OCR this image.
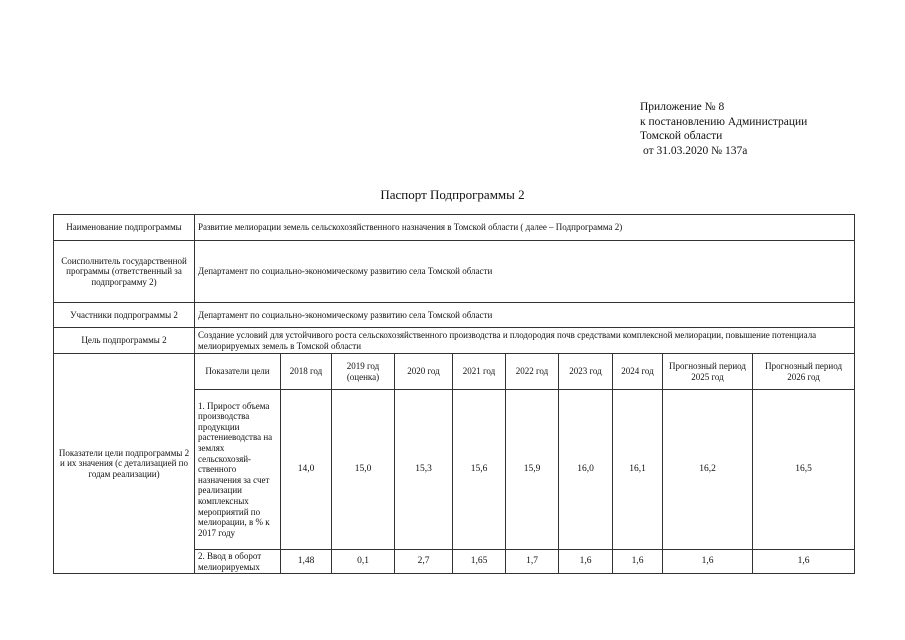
Приложение № 8
к постановлению Администрации
Томской области
от 31.03.2020 № 137а
Паспорт Подпрограммы 2
Наименование подпрограммы	Развитие мелиорации земель сельскохозяйственного назначения в Томской области ( далее – Подпрограмма 2)									
Соисполнитель государственной программы (ответственный за подпрограмму 2)	Департамент по социально-экономическому развитию села Томской области									
Участники подпрограммы 2	Департамент по социально-экономическому развитию села Томской области									
Цель подпрограммы 2	Создание условий для устойчивого роста сельскохозяйственного производства и плодородия почв средствами комплексной мелиорации, повышение потенциала мелиорируемых земель в Томской области									
Показатели цели подпрограммы 2 и их значения (с детализацией по годам реализации)	Показатели цели	2018 год	2019 год (оценка)	2020 год	2021 год	2022 год	2023 год	2024 год	Прогнозный период 2025 год	Прогнозный период 2026 год
	1. Прирост объема производства продукции растениеводства на землях сельскохозяй-ственного назначения за счет реализации комплексных мероприятий по мелиорации, в % к 2017 году	14,0	15,0	15,3	15,6	15,9	16,0	16,1	16,2	16,5
	2. Ввод в оборот мелиорируемых	1,48	0,1	2,7	1,65	1,7	1,6	1,6	1,6	1,6
